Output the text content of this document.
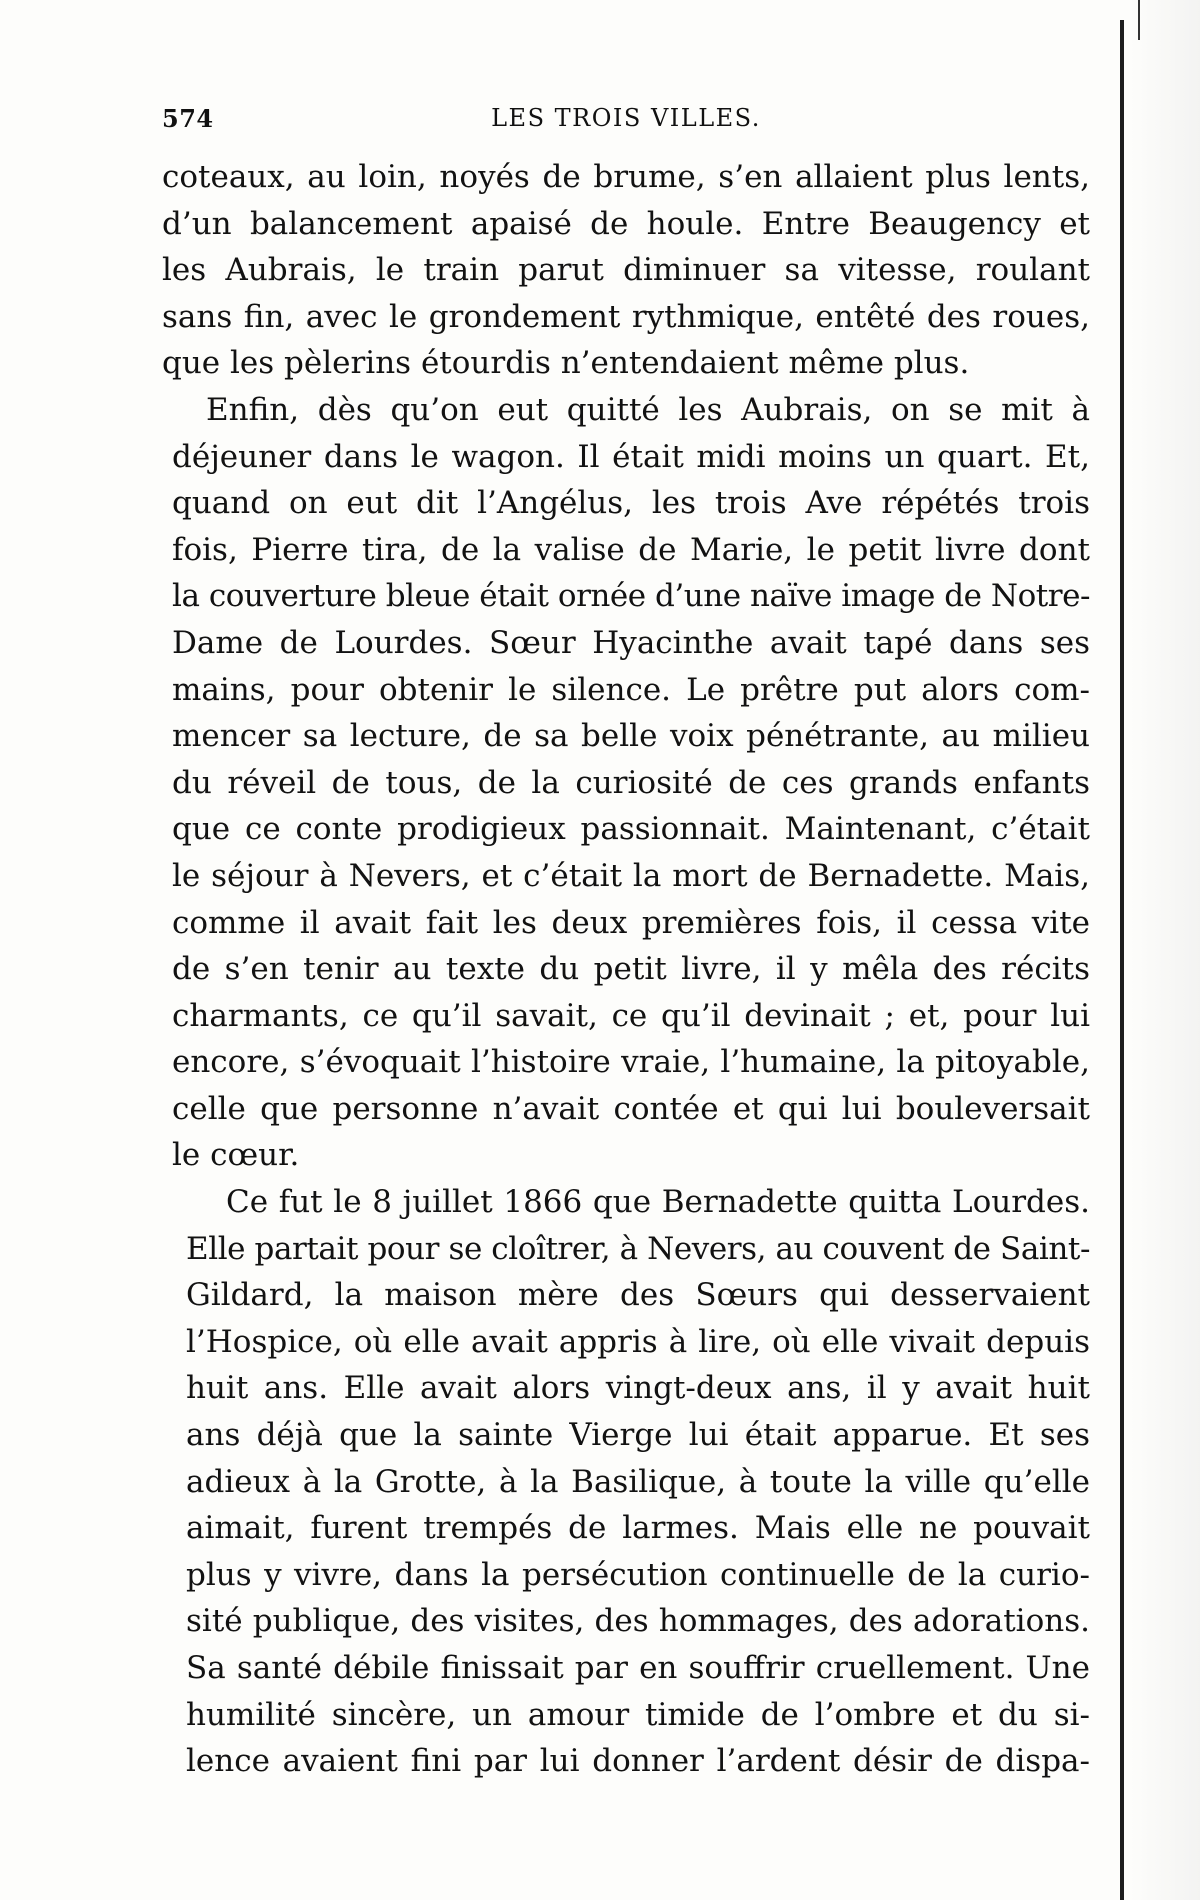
574	LES TROIS VILLES.
coteaux, au loin, noyés de brume, s’en allaient plus lents,
d’un balancement apaisé de houle. Entre Beaugency et
les Aubrais, le train parut diminuer sa vitesse, roulant
sans fin, avec le grondement rythmique, entêté des roues,
que les pèlerins étourdis n’entendaient même plus.
Enfin, dès qu’on eut quitté les Aubrais, on se mit à
déjeuner dans le wagon. Il était midi moins un quart. Et,
quand on eut dit l’Angélus, les trois Ave répétés trois
fois, Pierre tira, de la valise de Marie, le petit livre dont
la couverture bleue était ornée d’une naïve image de Notre-
Dame de Lourdes. Sœur Hyacinthe avait tapé dans ses
mains, pour obtenir le silence. Le prêtre put alors com-
mencer sa lecture, de sa belle voix pénétrante, au milieu
du réveil de tous, de la curiosité de ces grands enfants
que ce conte prodigieux passionnait. Maintenant, c’était
le séjour à Nevers, et c’était la mort de Bernadette. Mais,
comme il avait fait les deux premières fois, il cessa vite
de s’en tenir au texte du petit livre, il y mêla des récits
charmants, ce qu’il savait, ce qu’il devinait ; et, pour lui
encore, s’évoquait l’histoire vraie, l’humaine, la pitoyable,
celle que personne n’avait contée et qui lui bouleversait
le cœur.
Ce fut le 8 juillet 1866 que Bernadette quitta Lourdes.
Elle partait pour se cloîtrer, à Nevers, au couvent de Saint-
Gildard, la maison mère des Sœurs qui desservaient
l’Hospice, où elle avait appris à lire, où elle vivait depuis
huit ans. Elle avait alors vingt-deux ans, il y avait huit
ans déjà que la sainte Vierge lui était apparue. Et ses
adieux à la Grotte, à la Basilique, à toute la ville qu’elle
aimait, furent trempés de larmes. Mais elle ne pouvait
plus y vivre, dans la persécution continuelle de la curio-
sité publique, des visites, des hommages, des adorations.
Sa santé débile finissait par en souffrir cruellement. Une
humilité sincère, un amour timide de l’ombre et du si-
lence avaient fini par lui donner l’ardent désir de dispa-
